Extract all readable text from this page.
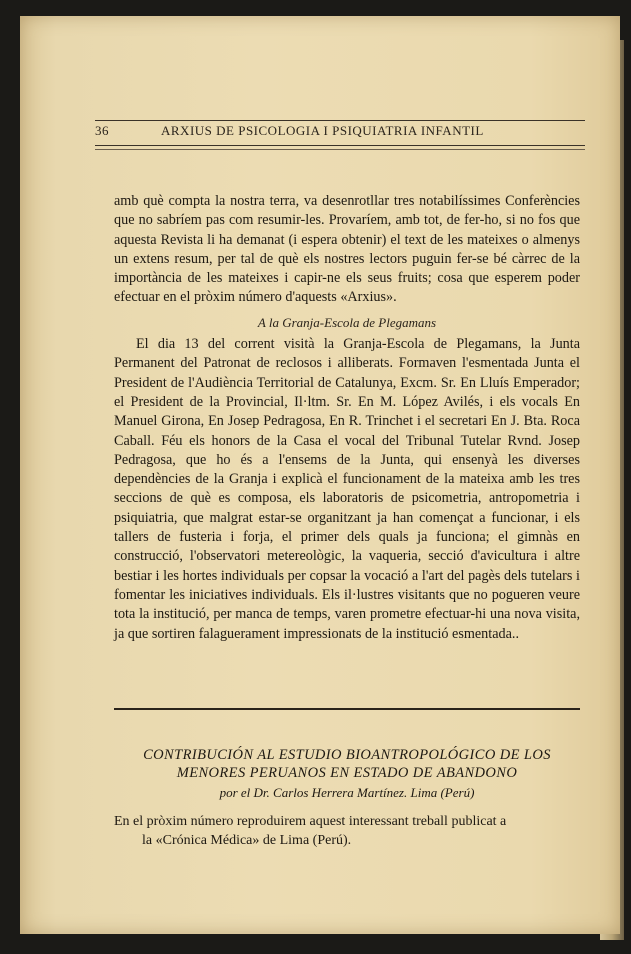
36	ARXIUS DE PSICOLOGIA I PSIQUIATRIA INFANTIL

amb què compta la nostra terra, va desenrotllar tres notabilíssimes Conferències que no sabríem pas com resumir-les. Provaríem, amb tot, de fer-ho, si no fos que aquesta Revista li ha demanat (i espera obtenir) el text de les mateixes o almenys un extens resum, per tal de què els nostres lectors puguin fer-se bé càrrec de la importància de les mateixes i capir-ne els seus fruits; cosa que esperem poder efectuar en el pròxim número d'aquests «Arxius».

A la Granja-Escola de Plegamans

El dia 13 del corrent visità la Granja-Escola de Plegamans, la Junta Permanent del Patronat de reclosos i alliberats. Formaven l'esmentada Junta el President de l'Audiència Territorial de Catalunya, Excm. Sr. En Lluís Emperador; el President de la Provincial, Il·ltm. Sr. En M. López Avilés, i els vocals En Manuel Girona, En Josep Pedragosa, En R. Trinchet i el secretari En J. Bta. Roca Caball. Féu els honors de la Casa el vocal del Tribunal Tutelar Rvnd. Josep Pedragosa, que ho és a l'ensems de la Junta, qui ensenyà les diverses dependències de la Granja i explicà el funcionament de la mateixa amb les tres seccions de què es composa, els laboratoris de psicometria, antropometria i psiquiatria, que malgrat estar-se organitzant ja han començat a funcionar, i els tallers de fusteria i forja, el primer dels quals ja funciona; el gimnàs en construcció, l'observatori metereològic, la vaqueria, secció d'avicultura i altre bestiar i les hortes individuals per copsar la vocació a l'art del pagès dels tutelars i fomentar les iniciatives individuals. Els il·lustres visitants que no pogueren veure tota la institució, per manca de temps, varen prometre efectuar-hi una nova visita, ja que sortiren falaguerament impressionats de la institució esmentada..

CONTRIBUCIÓN AL ESTUDIO BIOANTROPOLÓGICO DE LOS MENORES PERUANOS EN ESTADO DE ABANDONO
por el Dr. Carlos Herrera Martínez. Lima (Perú)
En el pròxim número reproduirem aquest interessant treball publicat a
la «Crónica Médica» de Lima (Perú).
